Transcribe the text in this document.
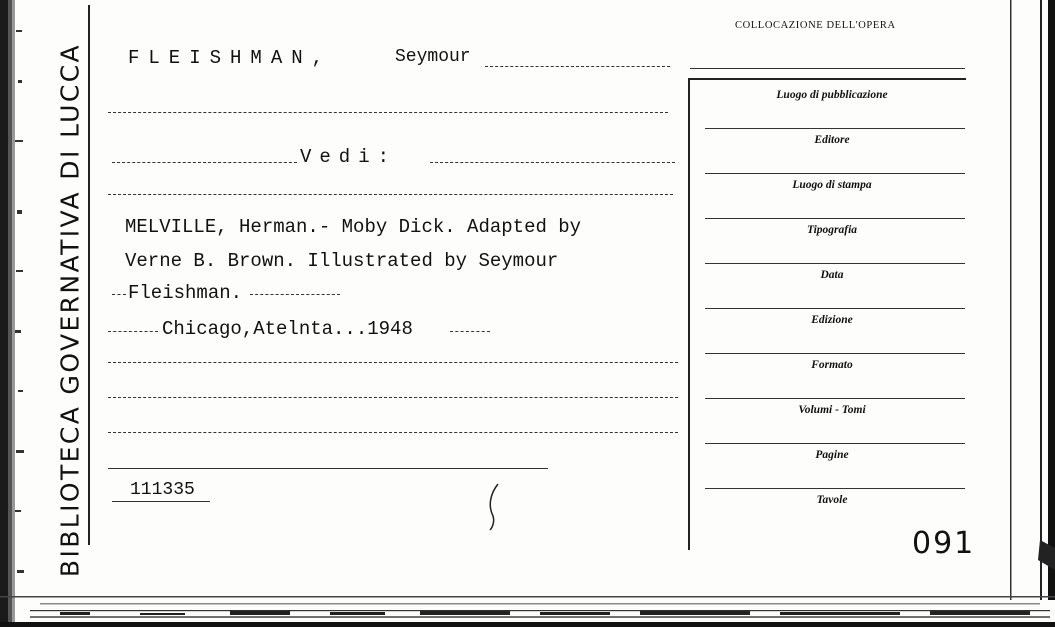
BIBLIOTECA GOVERNATIVA DI LUCCA
COLLOCAZIONE DELL'OPERA
FLEISHMAN,	Seymour
Vedi:
MELVILLE, Herman.- Moby Dick. Adapted by
Verne B. Brown. Illustrated by Seymour
Fleishman.
Chicago,Atelnta...1948
111335
Luogo di pubblicazione
Editore
Luogo di stampa
Tipografia
Data
Edizione
Formato
Volumi - Tomi
Pagine
Tavole
091
